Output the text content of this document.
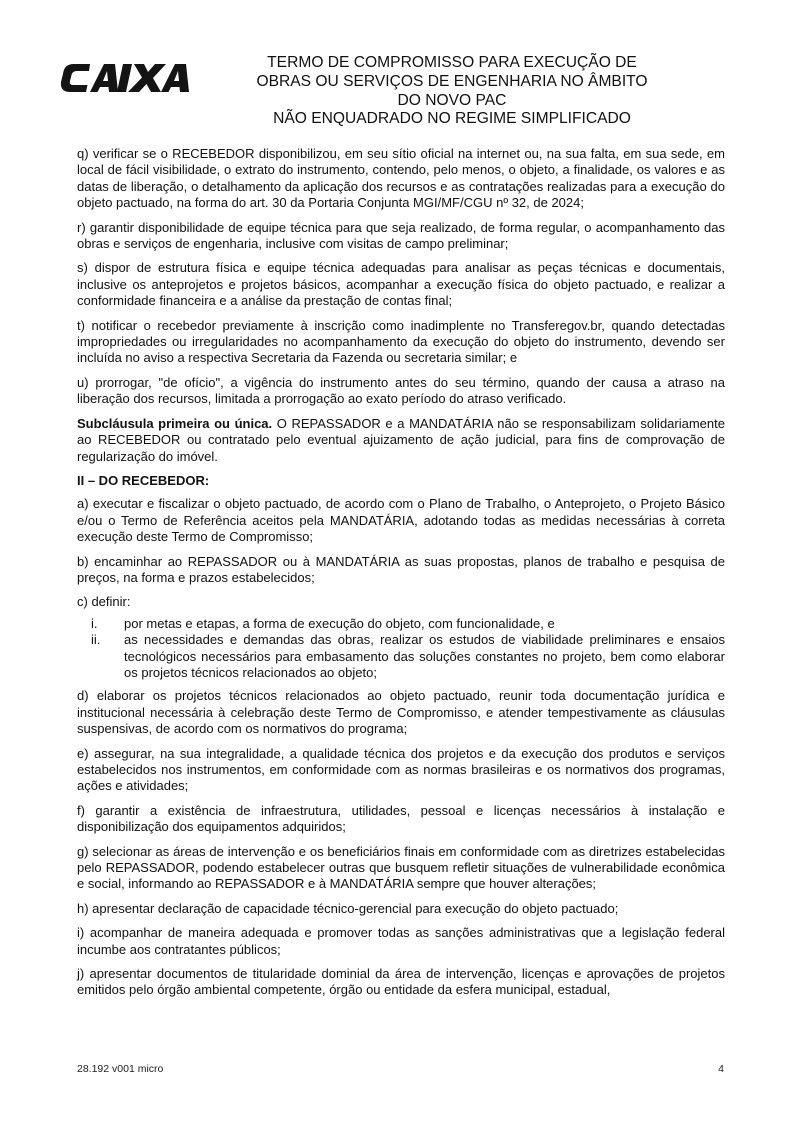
TERMO DE COMPROMISSO PARA EXECUÇÃO DE
OBRAS OU SERVIÇOS DE ENGENHARIA NO ÂMBITO
DO NOVO PAC
NÃO ENQUADRADO NO REGIME SIMPLIFICADO

q) verificar se o RECEBEDOR disponibilizou, em seu sítio oficial na internet ou, na sua falta, em sua sede, em local de fácil visibilidade, o extrato do instrumento, contendo, pelo menos, o objeto, a finalidade, os valores e as datas de liberação, o detalhamento da aplicação dos recursos e as contratações realizadas para a execução do objeto pactuado, na forma do art. 30 da Portaria Conjunta MGI/MF/CGU nº 32, de 2024;

r) garantir disponibilidade de equipe técnica para que seja realizado, de forma regular, o acompanhamento das obras e serviços de engenharia, inclusive com visitas de campo preliminar;

s) dispor de estrutura física e equipe técnica adequadas para analisar as peças técnicas e documentais, inclusive os anteprojetos e projetos básicos, acompanhar a execução física do objeto pactuado, e realizar a conformidade financeira e a análise da prestação de contas final;

t) notificar o recebedor previamente à inscrição como inadimplente no Transferegov.br, quando detectadas impropriedades ou irregularidades no acompanhamento da execução do objeto do instrumento, devendo ser incluída no aviso a respectiva Secretaria da Fazenda ou secretaria similar; e

u) prorrogar, "de ofício", a vigência do instrumento antes do seu término, quando der causa a atraso na liberação dos recursos, limitada a prorrogação ao exato período do atraso verificado.

Subcláusula primeira ou única. O REPASSADOR e a MANDATÁRIA não se responsabilizam solidariamente ao RECEBEDOR ou contratado pelo eventual ajuizamento de ação judicial, para fins de comprovação de regularização do imóvel.

II – DO RECEBEDOR:

a) executar e fiscalizar o objeto pactuado, de acordo com o Plano de Trabalho, o Anteprojeto, o Projeto Básico e/ou o Termo de Referência aceitos pela MANDATÁRIA, adotando todas as medidas necessárias à correta execução deste Termo de Compromisso;

b) encaminhar ao REPASSADOR ou à MANDATÁRIA as suas propostas, planos de trabalho e pesquisa de preços, na forma e prazos estabelecidos;

c) definir:

i. por metas e etapas, a forma de execução do objeto, com funcionalidade, e
ii. as necessidades e demandas das obras, realizar os estudos de viabilidade preliminares e ensaios tecnológicos necessários para embasamento das soluções constantes no projeto, bem como elaborar os projetos técnicos relacionados ao objeto;

d) elaborar os projetos técnicos relacionados ao objeto pactuado, reunir toda documentação jurídica e institucional necessária à celebração deste Termo de Compromisso, e atender tempestivamente as cláusulas suspensivas, de acordo com os normativos do programa;

e) assegurar, na sua integralidade, a qualidade técnica dos projetos e da execução dos produtos e serviços estabelecidos nos instrumentos, em conformidade com as normas brasileiras e os normativos dos programas, ações e atividades;

f) garantir a existência de infraestrutura, utilidades, pessoal e licenças necessários à instalação e disponibilização dos equipamentos adquiridos;

g) selecionar as áreas de intervenção e os beneficiários finais em conformidade com as diretrizes estabelecidas pelo REPASSADOR, podendo estabelecer outras que busquem refletir situações de vulnerabilidade econômica e social, informando ao REPASSADOR e à MANDATÁRIA sempre que houver alterações;

h) apresentar declaração de capacidade técnico-gerencial para execução do objeto pactuado;

i) acompanhar de maneira adequada e promover todas as sanções administrativas que a legislação federal incumbe aos contratantes públicos;

j) apresentar documentos de titularidade dominial da área de intervenção, licenças e aprovações de projetos emitidos pelo órgão ambiental competente, órgão ou entidade da esfera municipal, estadual,

28.192 v001 micro	4
